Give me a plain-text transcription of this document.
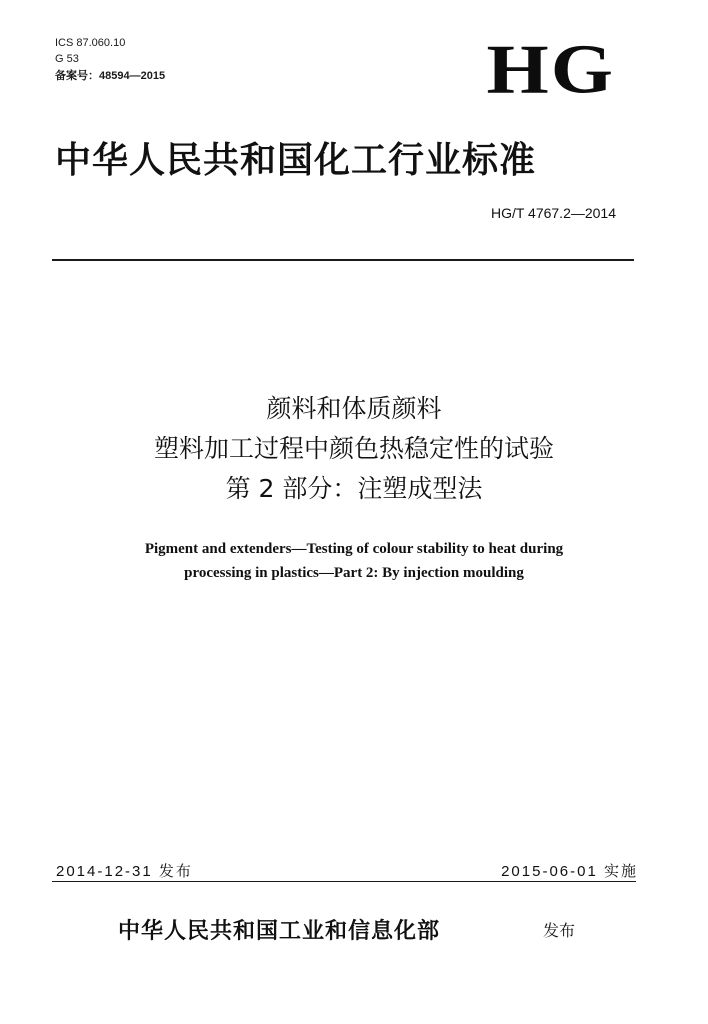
ICS 87.060.10
G 53
备案号：48594—2015	HG
中华人民共和国化工行业标准
HG/T 4767.2—2014
颜料和体质颜料
塑料加工过程中颜色热稳定性的试验
第 2 部分：注塑成型法
Pigment and extenders—Testing of colour stability to heat during
processing in plastics—Part 2: By injection moulding
2014-12-31 发布	2015-06-01 实施
中华人民共和国工业和信息化部	发布
